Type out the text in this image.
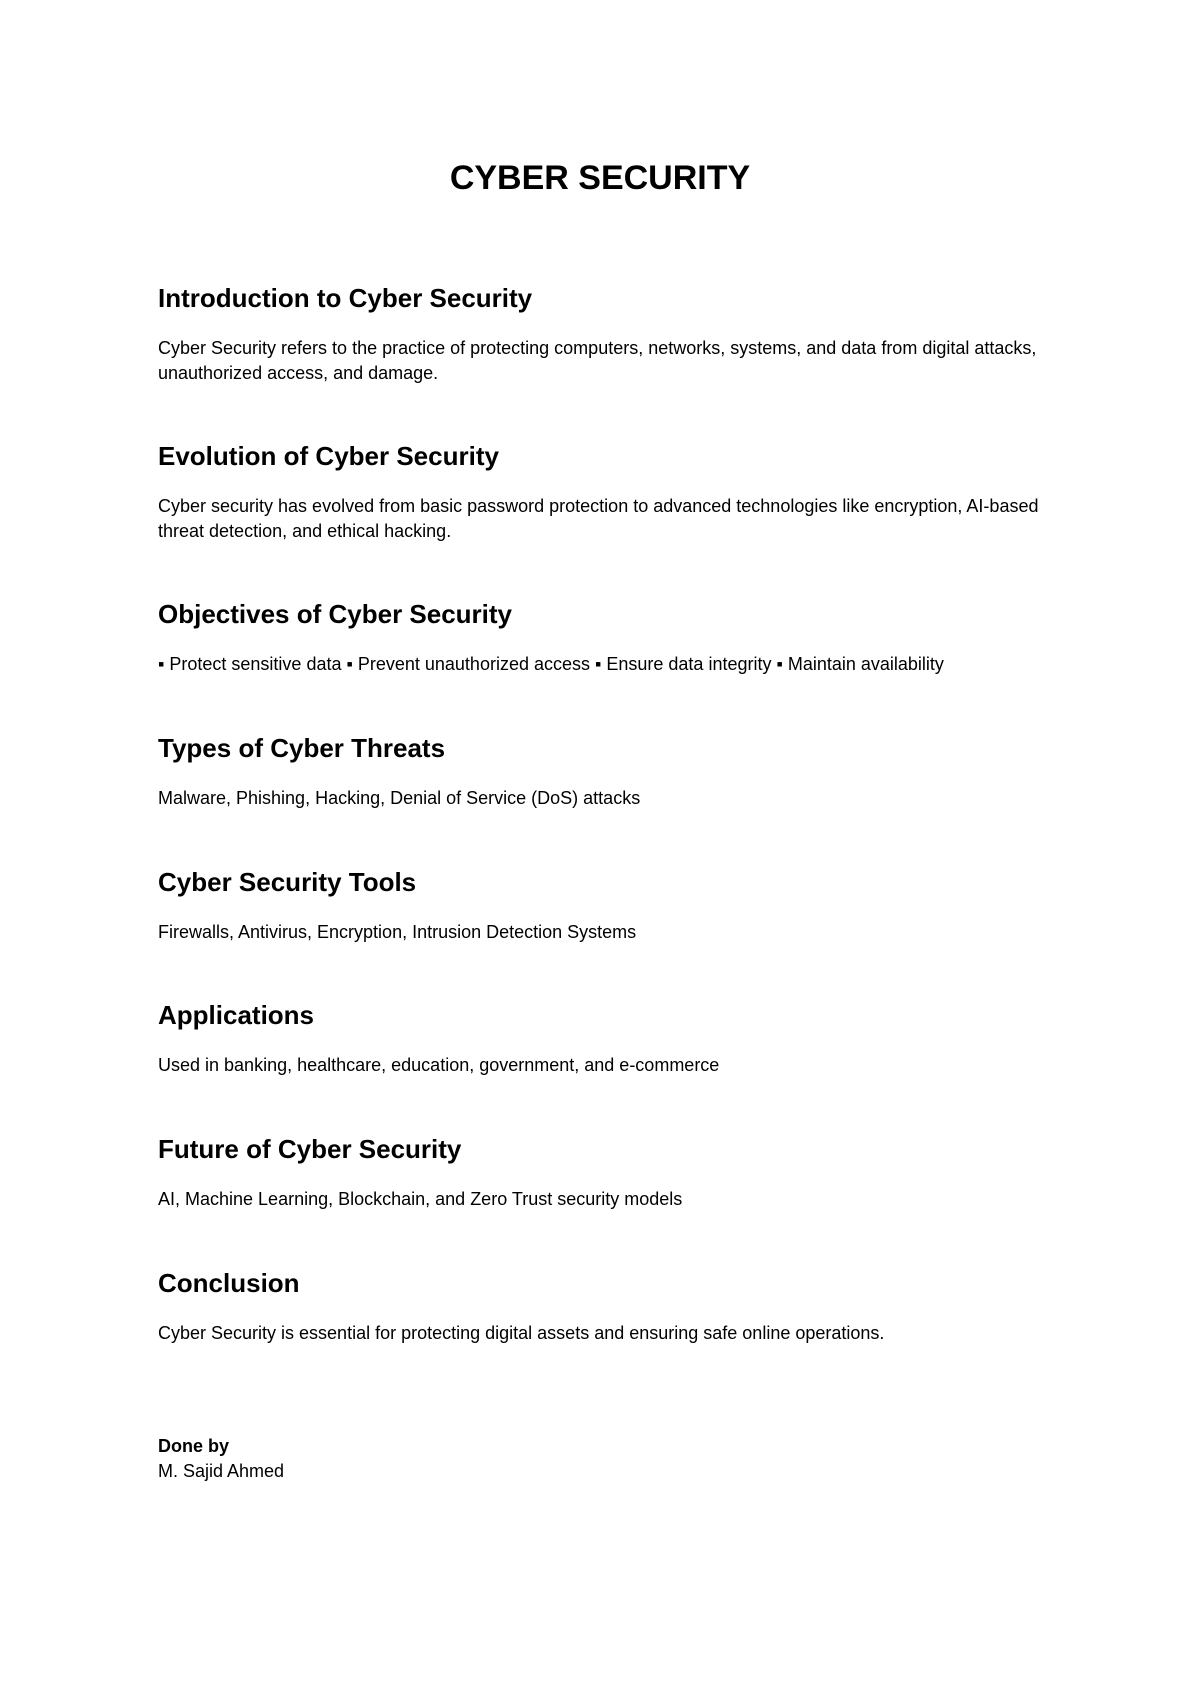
CYBER SECURITY
Introduction to Cyber Security

Cyber Security refers to the practice of protecting computers, networks, systems, and data from digital attacks, unauthorized access, and damage.

Evolution of Cyber Security

Cyber security has evolved from basic password protection to advanced technologies like encryption, AI-based threat detection, and ethical hacking.

Objectives of Cyber Security

▪ Protect sensitive data ▪ Prevent unauthorized access ▪ Ensure data integrity ▪ Maintain availability

Types of Cyber Threats

Malware, Phishing, Hacking, Denial of Service (DoS) attacks

Cyber Security Tools

Firewalls, Antivirus, Encryption, Intrusion Detection Systems

Applications

Used in banking, healthcare, education, government, and e-commerce

Future of Cyber Security

AI, Machine Learning, Blockchain, and Zero Trust security models

Conclusion

Cyber Security is essential for protecting digital assets and ensuring safe online operations.

Done by
M. Sajid Ahmed
